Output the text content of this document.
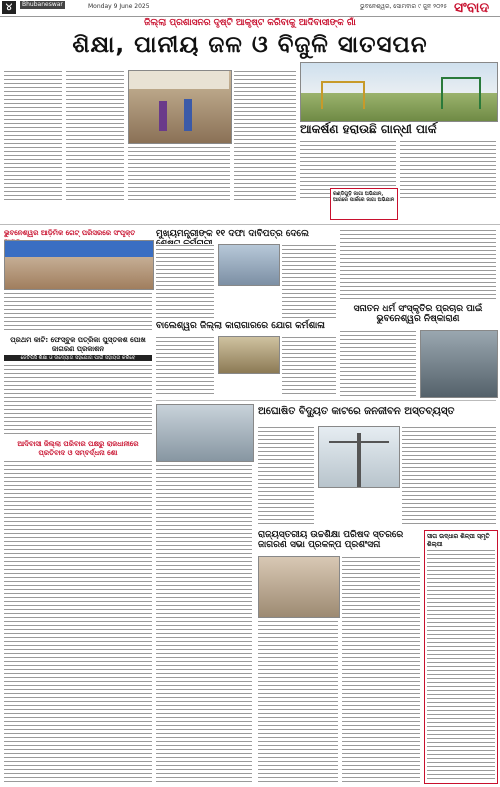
୪	Bhubaneswar	Monday 9 June 2025	ଭୁବନେଶ୍ୱର, ସୋମବାର ୯ ଜୁନ ୨୦୨୫ ସଂବାଦ
ଜିଲ୍ଲା ପ୍ରଶାସନର ଦୃଷ୍ଟି ଆକୃଷ୍ଟ କରିବାକୁ ଆଦିବାସୀଙ୍କ ଗାଁ
ଶିକ୍ଷା, ପାନୀୟ ଜଳ ଓ ବିଜୁଳି ସାତସପନ
ଆକର୍ଷଣ ହରାଉଛି ଗାନ୍ଧୀ ପାର୍କ
ରଣ୍ଡିଗୁଡ଼ି ଜାଗା ଅଭିଯାନ, ଆଗରେ ପାର୍କରେ ଜାଗା ଅଭିଯାନ
ଭୁବନେଶ୍ୱର ଆଡ଼ିମିକ ଗେଟ୍ ପରିସରରେ ସଂପୃକ୍ତ
ପ୍ରଥମ କାଟି: ଫେସ୍‌ବୁକ ପତ୍ରିକା ପୁସ୍ତକଶ ପୋଖ ଜାଗରଣ ପ୍ରକାଶନ
ଜେଟିପିସି ଶିକ୍ଷା ଓ ଉଦ୍ୟୋଗ ସହଯୋଗ ପାଇଁ ସହାୟତା କରିବେ
ଆଦିବାସୀ ଜିଲ୍ଲା ପରିବାର ପକ୍ଷରୁ ରାଜଧାନୀରେ ପ୍ରତିବାଦ ଓ ସମ୍ବର୍ଦ୍ଧନା ଶୋ
ମୁଖ୍ୟମନ୍ତ୍ରୀଙ୍କ ୧୧ ଦଫା ଦାବିପତ୍ର ଦେଲେ
ବାଲେଶ୍ୱର ଜିଲ୍ଲା କାରାଗାରରେ ଯୋଗ କର୍ମଶାଳା
ସନାତନ ଧର୍ମ ସଂସ୍କୃତିର ପ୍ରଚାର ପାଇଁ ଭୁବନେଶ୍ୱର ନିଷ୍କାରାଣ
ଅଘୋଷିତ ବିଦ୍ୟୁତ କାଟରେ ଜନଜୀବନ ଅସ୍ତବ୍ୟସ୍ତ
ରାଜ୍ୟସ୍ତରୀୟ ଉଚ୍ଚଶିକ୍ଷା ପରିଷଦ ସ୍ତରରେ ଜାଗରଣ ସଭା ପ୍ରକଳ୍ପ ପ୍ରଶଂସନା
ସୀତା ଉଦ୍ଧାର ଶିଳ୍ପୀ ସ୍ମୃତି ଶିଲ୍ପୀ
